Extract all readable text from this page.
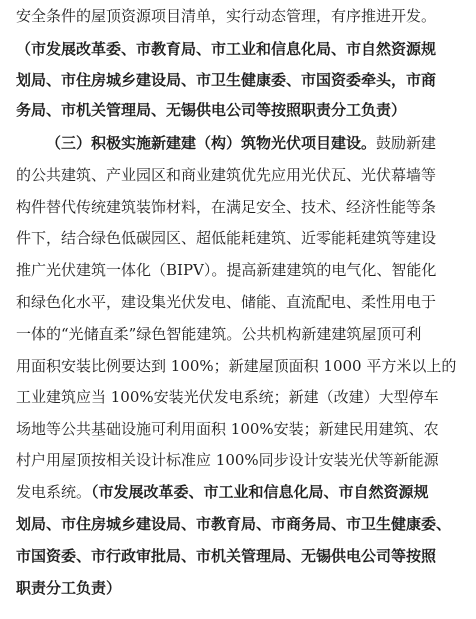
安全条件的屋顶资源项目清单，实行动态管理，有序推进开发。
（市发展改革委、市教育局、市工业和信息化局、市自然资源规
划局、市住房城乡建设局、市卫生健康委、市国资委牵头，市商
务局、市机关管理局、无锡供电公司等按照职责分工负责）
（三）积极实施新建建（构）筑物光伏项目建设。鼓励新建
的公共建筑、产业园区和商业建筑优先应用光伏瓦、光伏幕墙等
构件替代传统建筑装饰材料，在满足安全、技术、经济性能等条
件下，结合绿色低碳园区、超低能耗建筑、近零能耗建筑等建设
推广光伏建筑一体化（BIPV）。提高新建建筑的电气化、智能化
和绿色化水平，建设集光伏发电、储能、直流配电、柔性用电于
一体的“光储直柔”绿色智能建筑。公共机构新建建筑屋顶可利
用面积安装比例要达到 100%；新建屋顶面积 1000 平方米以上的
工业建筑应当 100%安装光伏发电系统；新建（改建）大型停车
场地等公共基础设施可利用面积 100%安装；新建民用建筑、农
村户用屋顶按相关设计标准应 100%同步设计安装光伏等新能源
发电系统。（市发展改革委、市工业和信息化局、市自然资源规
划局、市住房城乡建设局、市教育局、市商务局、市卫生健康委、
市国资委、市行政审批局、市机关管理局、无锡供电公司等按照
职责分工负责）
